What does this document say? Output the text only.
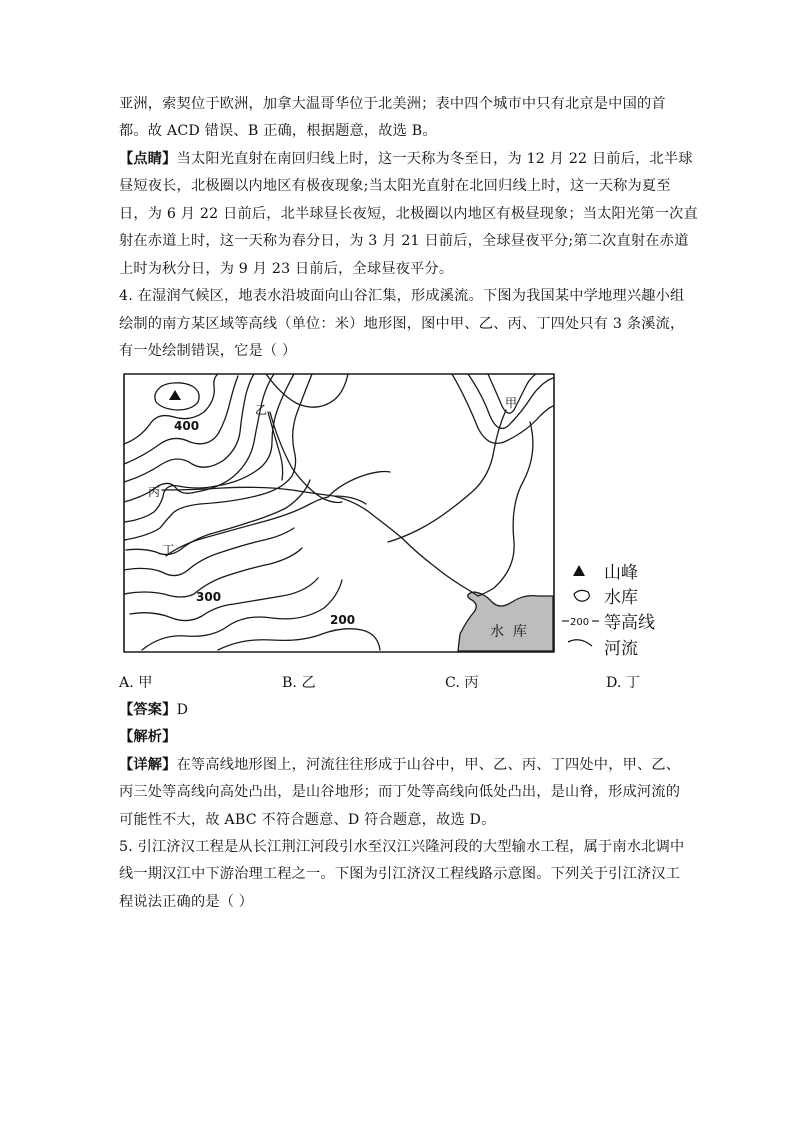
亚洲，索契位于欧洲，加拿大温哥华位于北美洲；表中四个城市中只有北京是中国的首
都。故 ACD 错误、B 正确，根据题意，故选 B。
【点睛】当太阳光直射在南回归线上时，这一天称为冬至日，为 12 月 22 日前后，北半球
昼短夜长，北极圈以内地区有极夜现象;当太阳光直射在北回归线上时，这一天称为夏至
日，为 6 月 22 日前后，北半球昼长夜短，北极圈以内地区有极昼现象；当太阳光第一次直
射在赤道上时，这一天称为春分日，为 3 月 21 日前后，全球昼夜平分;第二次直射在赤道
上时为秋分日，为 9 月 23 日前后，全球昼夜平分。
4. 在湿润气候区，地表水沿坡面向山谷汇集，形成溪流。下图为我国某中学地理兴趣小组
绘制的南方某区域等高线（单位：米）地形图，图中甲、乙、丙、丁四处只有 3 条溪流，
有一处绘制错误，它是（ ）
甲
乙
丙
丁
400
300
200
水  库
山峰
水库
200 等高线
河流
A. 甲	B. 乙	C. 丙	D. 丁
【答案】D
【解析】
【详解】在等高线地形图上，河流往往形成于山谷中，甲、乙、丙、丁四处中，甲、乙、
丙三处等高线向高处凸出，是山谷地形；而丁处等高线向低处凸出，是山脊，形成河流的
可能性不大，故 ABC 不符合题意、D 符合题意，故选 D。
5. 引江济汉工程是从长江荆江河段引水至汉江兴隆河段的大型输水工程，属于南水北调中
线一期汉江中下游治理工程之一。下图为引江济汉工程线路示意图。下列关于引江济汉工
程说法正确的是（ ）
